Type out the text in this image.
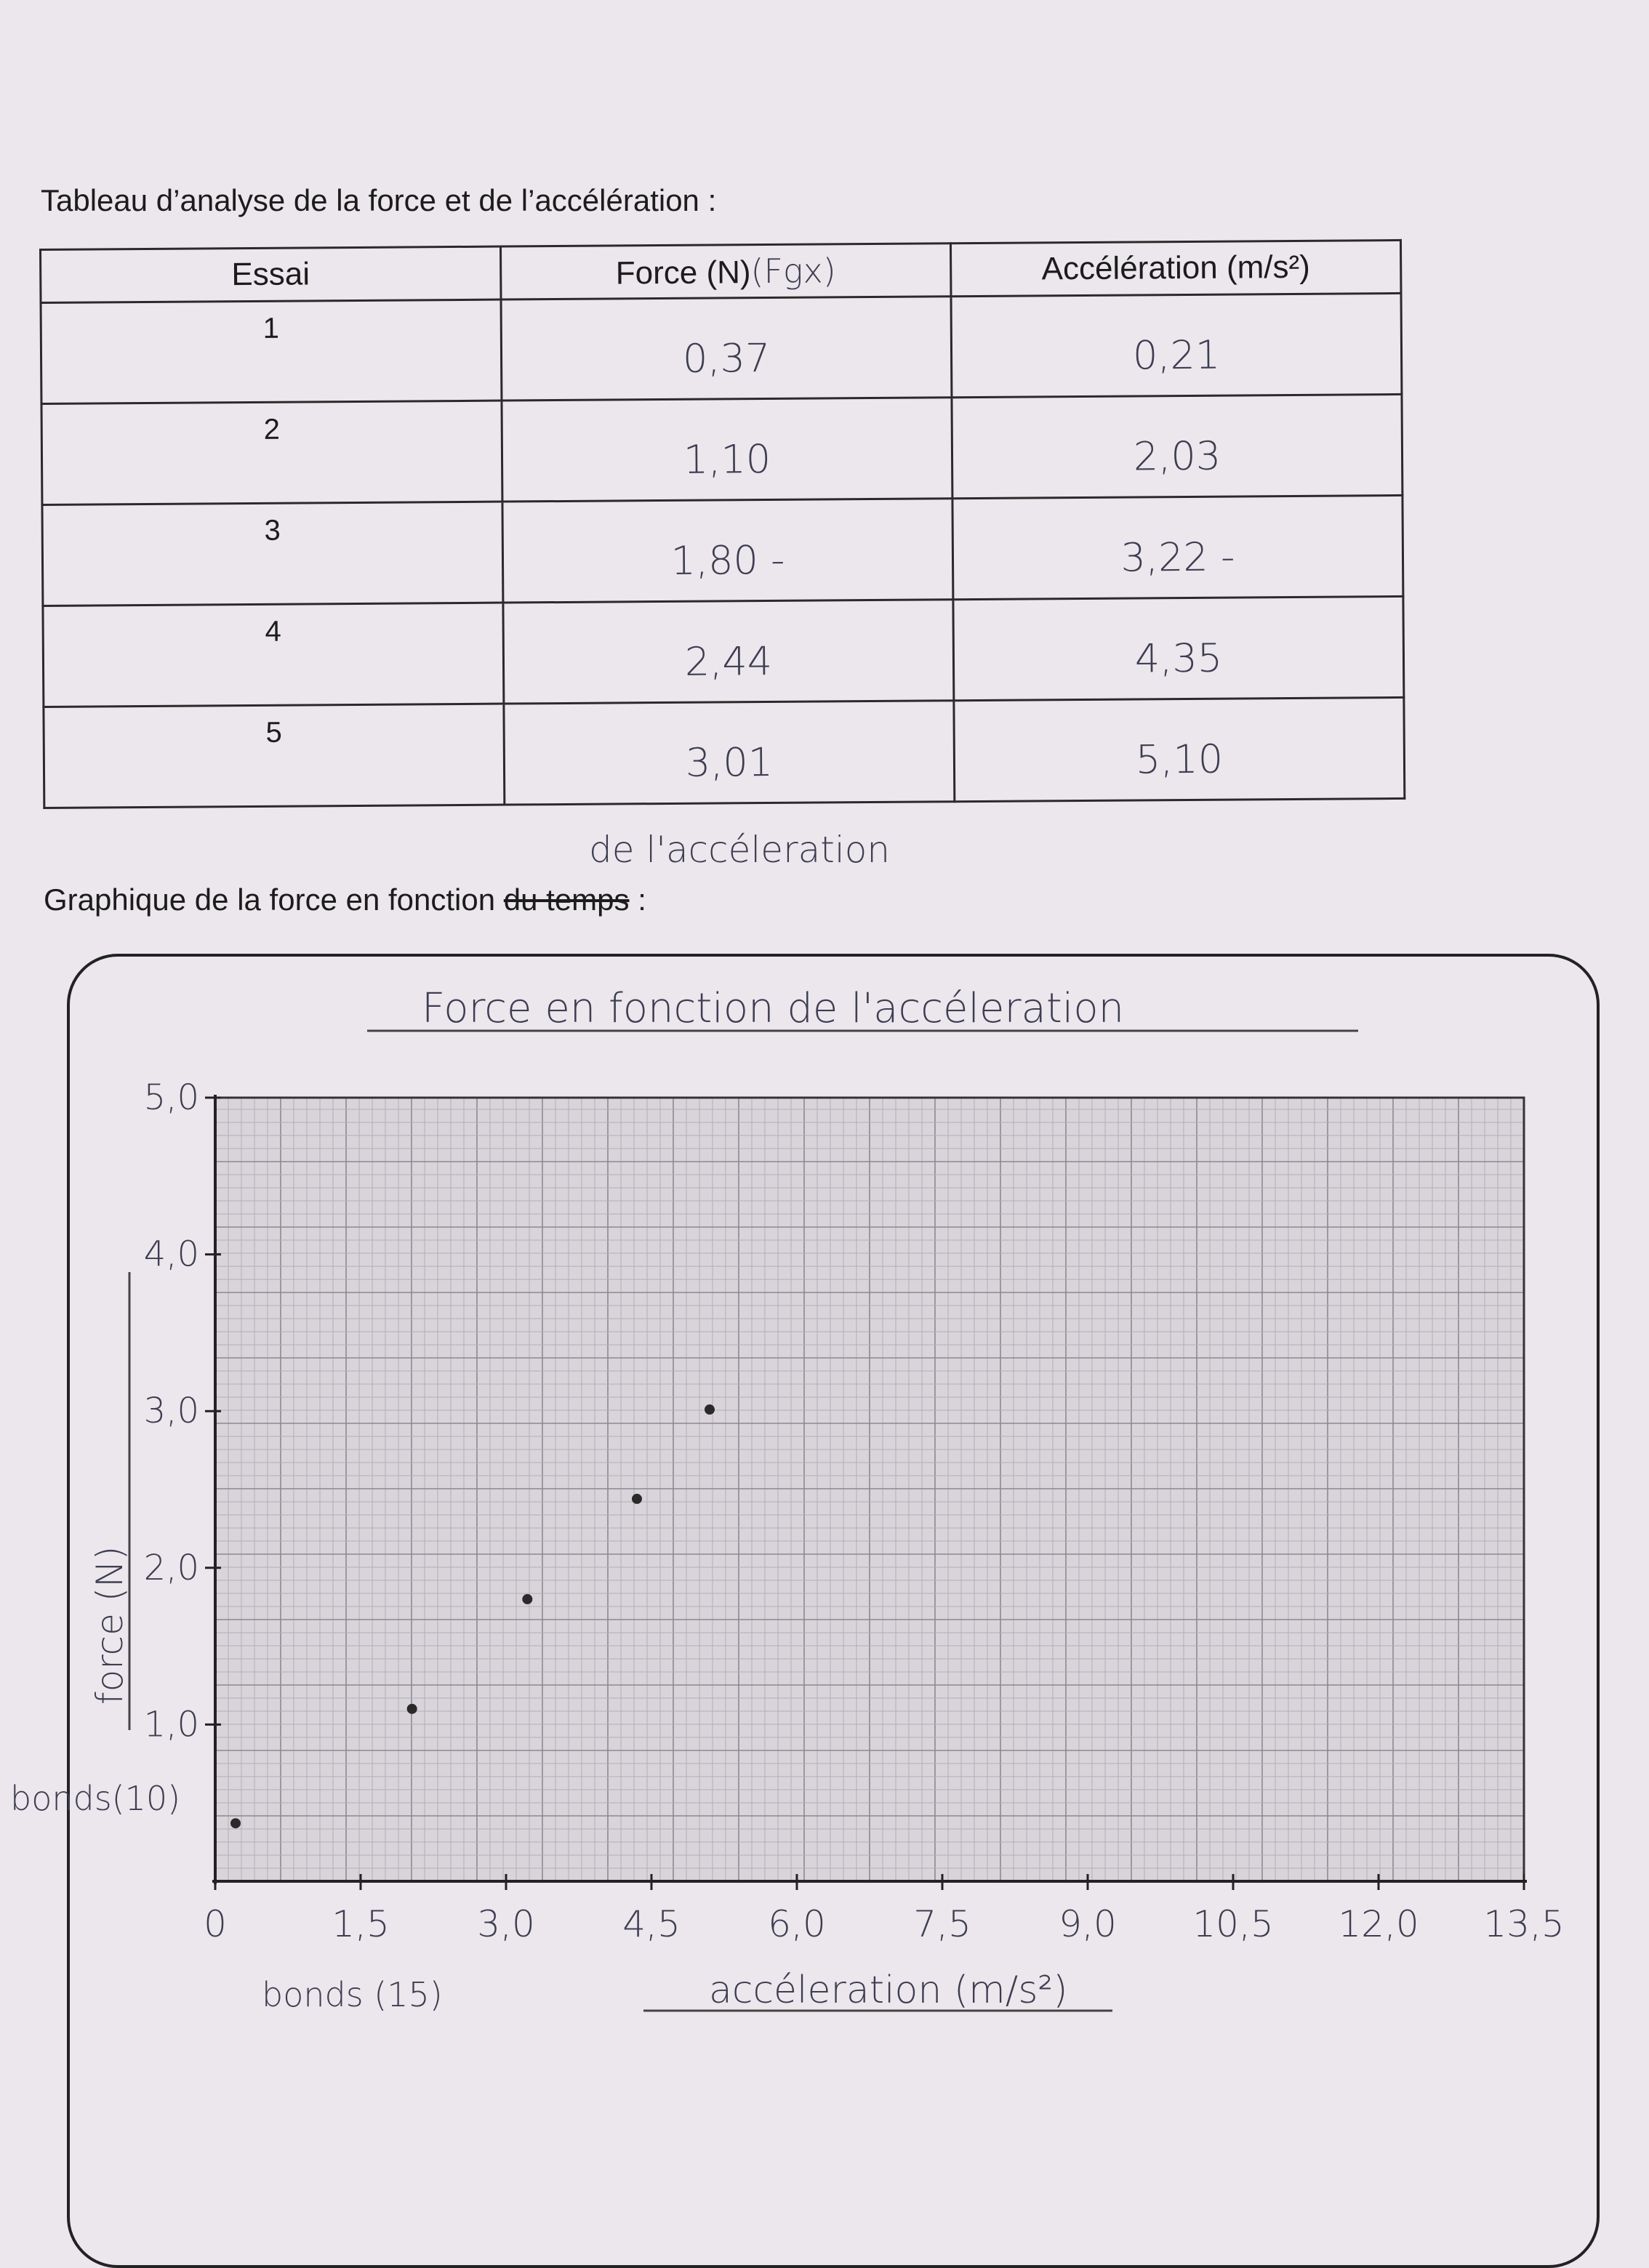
Tableau d’analyse de la force et de l’accélération :
Essai	Force (N)(Fgx)	Accélération (m/s²)

1	0,37	0,21

2	1,10	2,03

3	1,80 -	3,22 -

4	2,44	4,35

5	3,01	5,10
de l'accéleration
Graphique de la force en fonction du temps :
0	1,5 3,0 4,5 6,0 7,5 9,0 10,5 12,0 13,5
1,0
2,0
3,0
4,0
5,0
Force en fonction de l'accéleration
accéleration (m/s²)
bonds (15)
bonds(10)
force (N)
